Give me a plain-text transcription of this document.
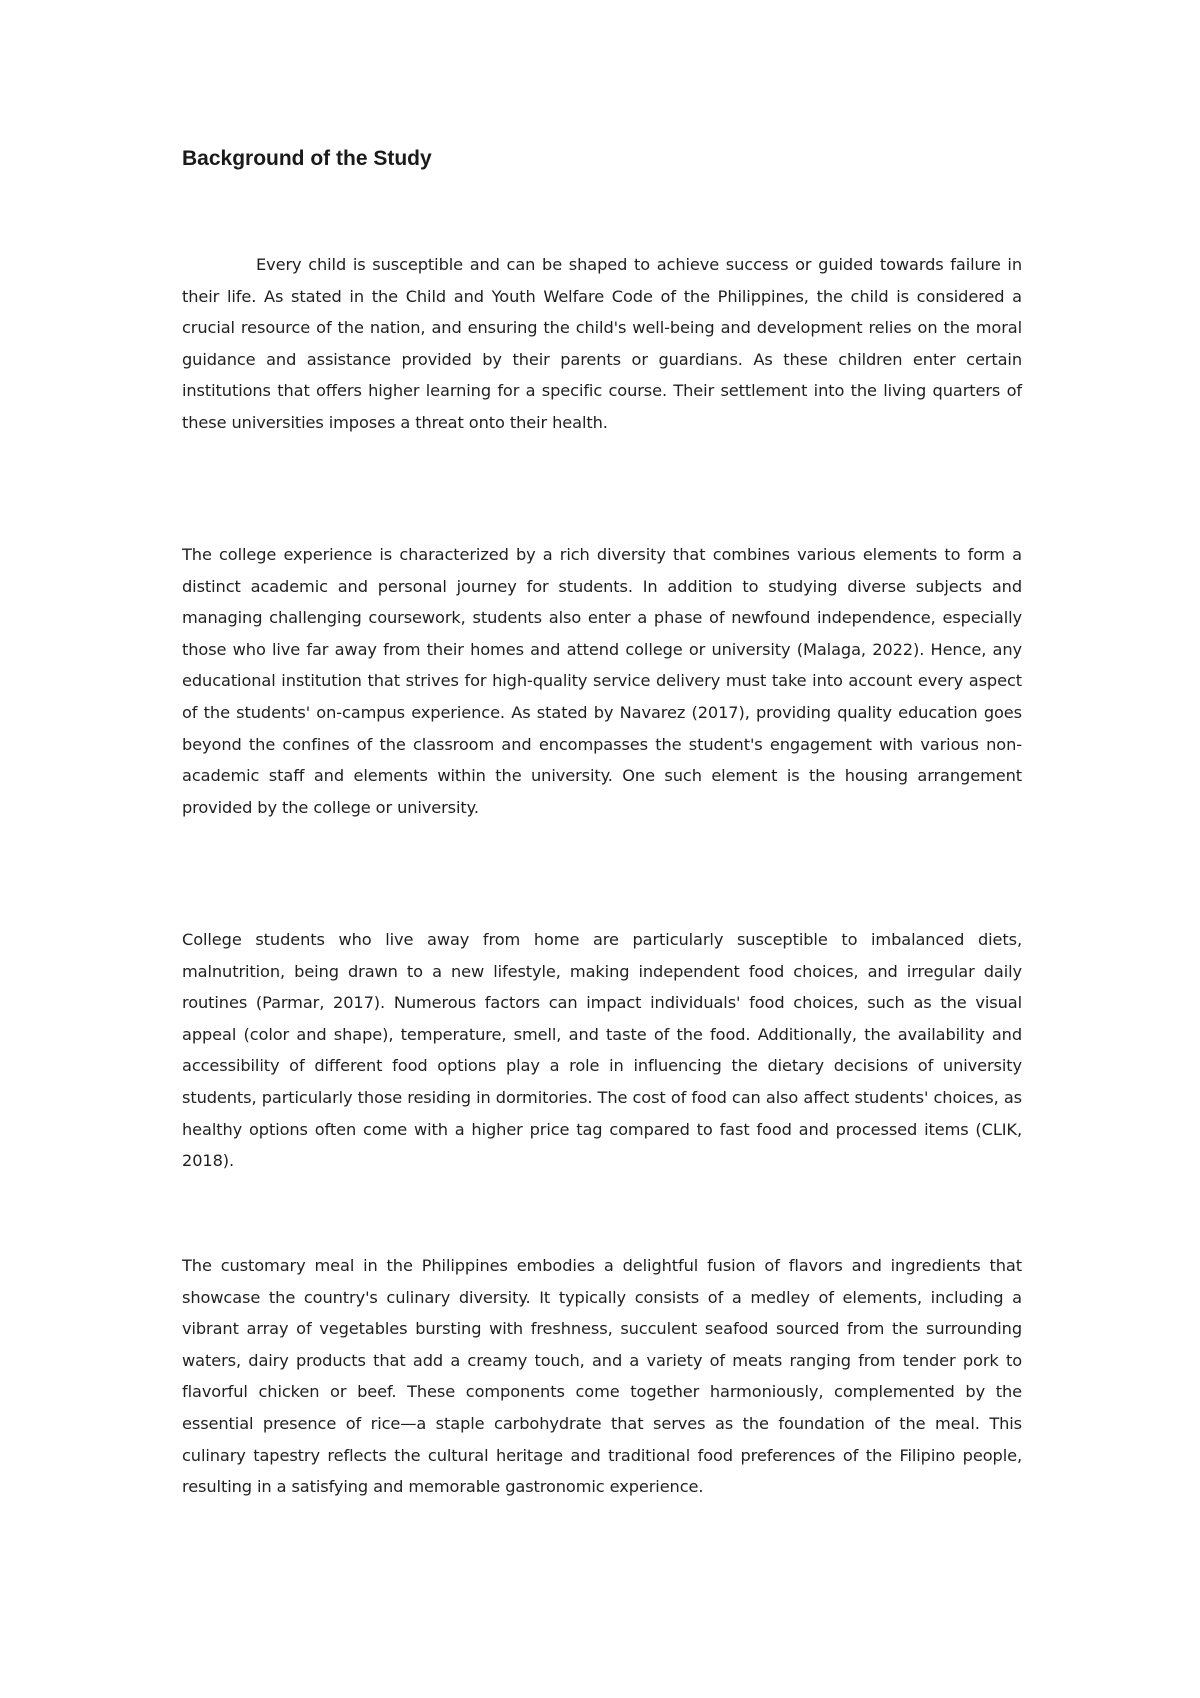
Background of the Study

Every child is susceptible and can be shaped to achieve success or guided towards failure in their life. As stated in the Child and Youth Welfare Code of the Philippines, the child is considered a crucial resource of the nation, and ensuring the child's well-being and development relies on the moral guidance and assistance provided by their parents or guardians. As these children enter certain institutions that offers higher learning for a specific course. Their settlement into the living quarters of these universities imposes a threat onto their health.

The college experience is characterized by a rich diversity that combines various elements to form a distinct academic and personal journey for students. In addition to studying diverse subjects and managing challenging coursework, students also enter a phase of newfound independence, especially those who live far away from their homes and attend college or university (Malaga, 2022). Hence, any educational institution that strives for high-quality service delivery must take into account every aspect of the students' on-campus experience. As stated by Navarez (2017), providing quality education goes beyond the confines of the classroom and encompasses the student's engagement with various non-academic staff and elements within the university. One such element is the housing arrangement provided by the college or university.

College students who live away from home are particularly susceptible to imbalanced diets, malnutrition, being drawn to a new lifestyle, making independent food choices, and irregular daily routines (Parmar, 2017). Numerous factors can impact individuals' food choices, such as the visual appeal (color and shape), temperature, smell, and taste of the food. Additionally, the availability and accessibility of different food options play a role in influencing the dietary decisions of university students, particularly those residing in dormitories. The cost of food can also affect students' choices, as healthy options often come with a higher price tag compared to fast food and processed items (CLIK, 2018).

The customary meal in the Philippines embodies a delightful fusion of flavors and ingredients that showcase the country's culinary diversity. It typically consists of a medley of elements, including a vibrant array of vegetables bursting with freshness, succulent seafood sourced from the surrounding waters, dairy products that add a creamy touch, and a variety of meats ranging from tender pork to flavorful chicken or beef. These components come together harmoniously, complemented by the essential presence of rice—a staple carbohydrate that serves as the foundation of the meal. This culinary tapestry reflects the cultural heritage and traditional food preferences of the Filipino people, resulting in a satisfying and memorable gastronomic experience.
